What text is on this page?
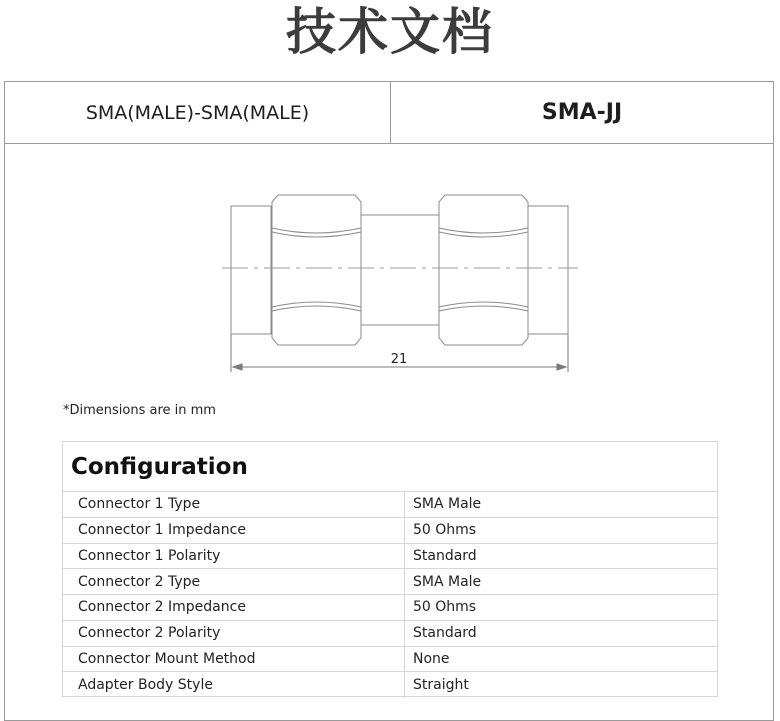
技术文档
SMA(MALE)-SMA(MALE)	SMA-JJ
21
*Dimensions are in mm
Configuration
Connector 1 Type	SMA Male
Connector 1 Impedance	50 Ohms
Connector 1 Polarity	Standard
Connector 2 Type	SMA Male
Connector 2 Impedance	50 Ohms
Connector 2 Polarity	Standard
Connector Mount Method	None
Adapter Body Style	Straight
